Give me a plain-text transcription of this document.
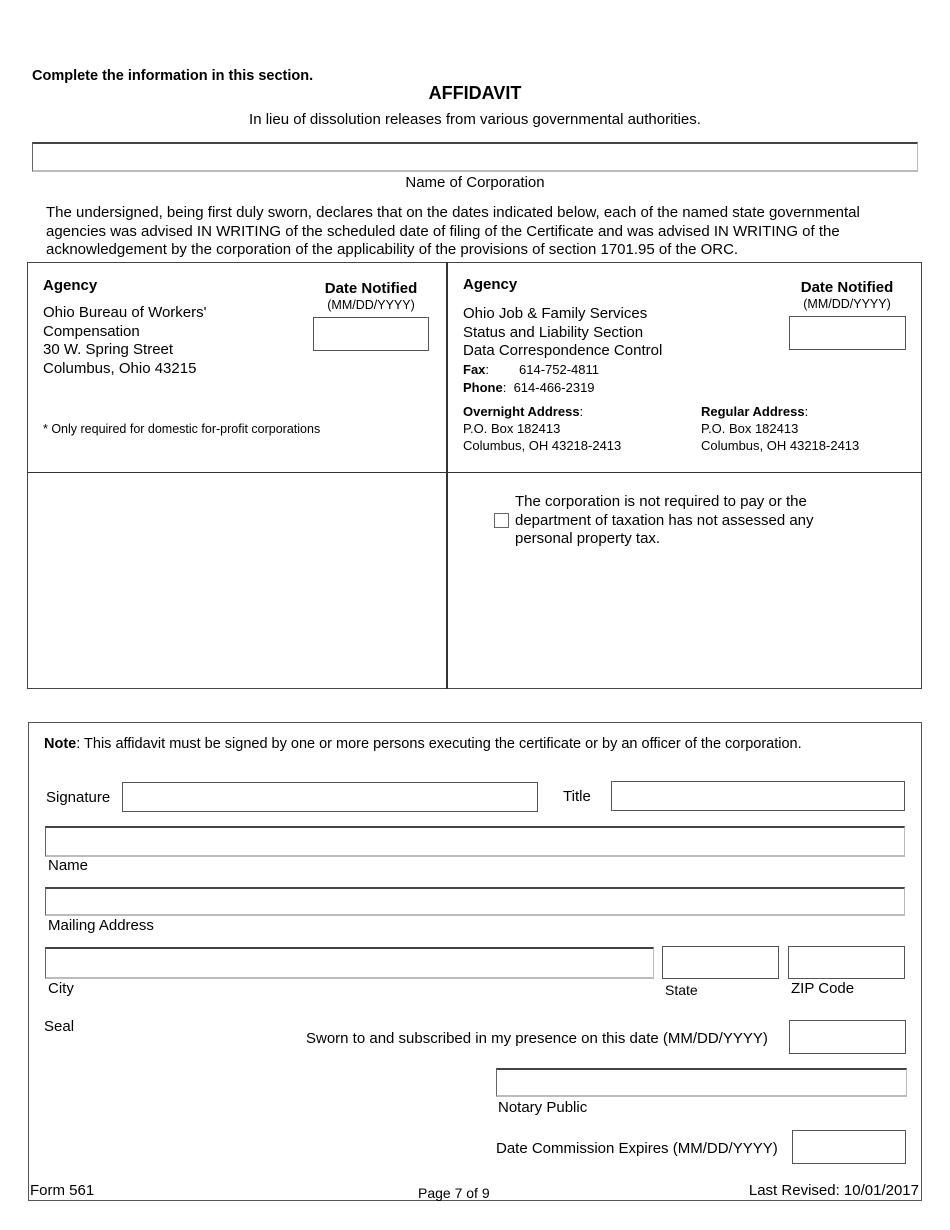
Complete the information in this section.
AFFIDAVIT
In lieu of dissolution releases from various governmental authorities.
Name of Corporation
The undersigned, being first duly sworn, declares that on the dates indicated below, each of the named state governmental agencies was advised IN WRITING of the scheduled date of filing of the Certificate and was advised IN WRITING of the acknowledgement by the corporation of the applicability of the provisions of section 1701.95 of the ORC.
Agency	Date Notified
(MM/DD/YYYY)
Ohio Bureau of Workers'
Compensation
30 W. Spring Street
Columbus, Ohio 43215
* Only required for domestic for-profit corporations
Agency	Date Notified
(MM/DD/YYYY)
Ohio Job & Family Services
Status and Liability Section
Data Correspondence Control
Fax: 614-752-4811
Phone:  614-466-2319
Overnight Address:
P.O. Box 182413
Columbus, OH 43218-2413
Regular Address:
P.O. Box 182413
Columbus, OH 43218-2413
The corporation is not required to pay or the
department of taxation has not assessed any
personal property tax.
Note: This affidavit must be signed by one or more persons executing the certificate or by an officer of the corporation.
Signature	Title
Name
Mailing Address
City	State	ZIP Code
Seal
Sworn to and subscribed in my presence on this date (MM/DD/YYYY)
Notary Public
Date Commission Expires (MM/DD/YYYY)
Form 561	Page 7 of 9	Last Revised: 10/01/2017
